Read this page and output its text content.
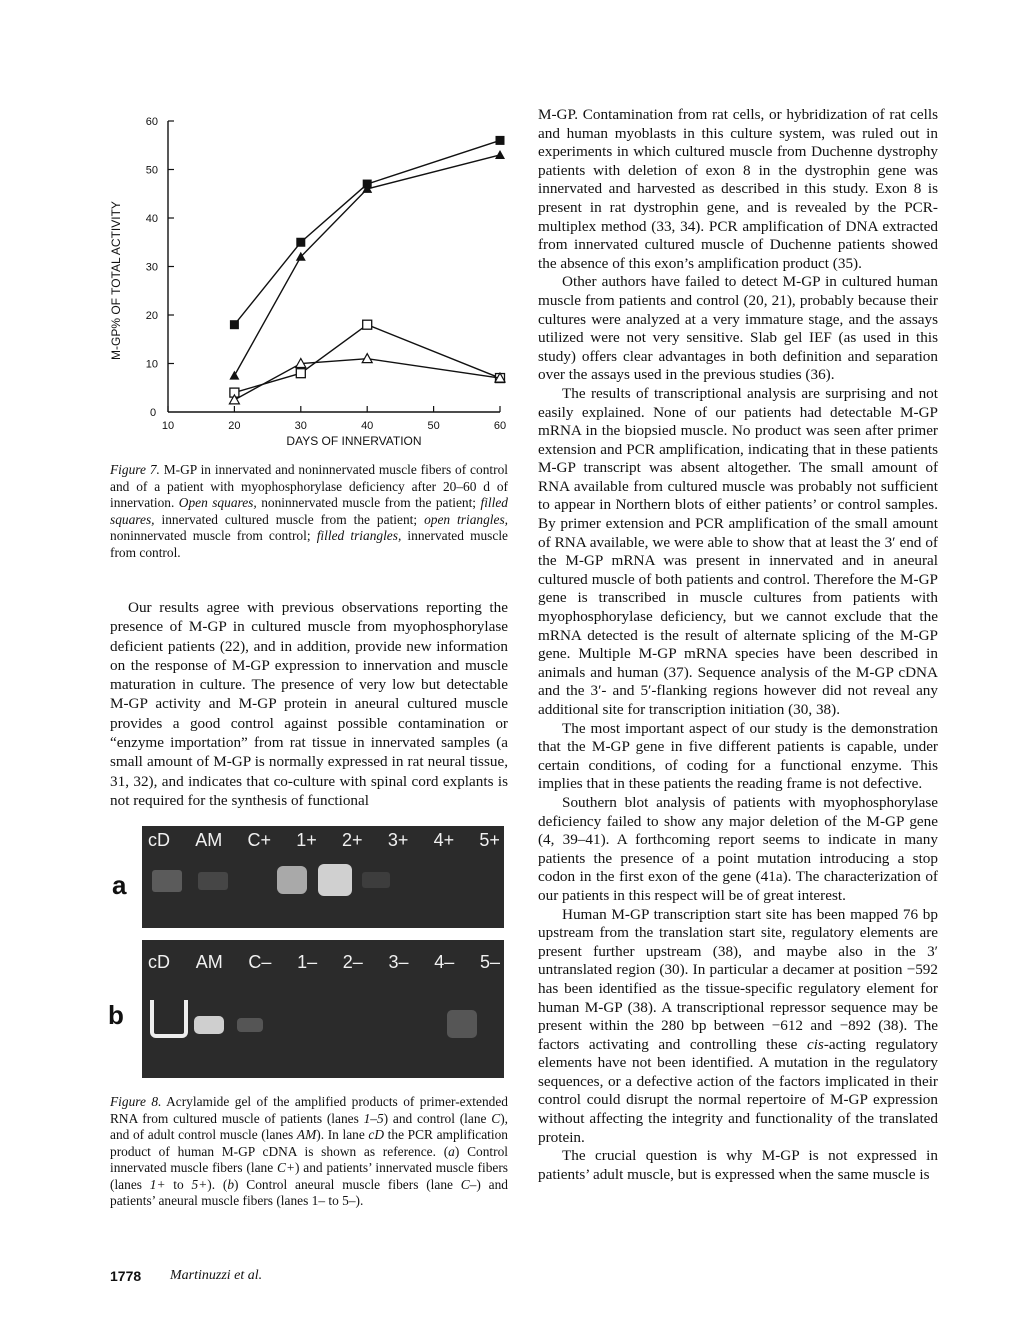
M-GP% OF TOTAL ACTIVITY
0
10
20
30
40
50
60
10	20	30	40	50	60
DAYS OF INNERVATION
Figure 7. M-GP in innervated and noninnervated muscle fibers of control and of a patient with myophosphorylase deficiency after 20–60 d of innervation. Open squares, noninnervated muscle from the patient; filled squares, innervated cultured muscle from the patient; open triangles, noninnervated muscle from control; filled triangles, innervated muscle from control.

Our results agree with previous observations reporting the presence of M-GP in cultured muscle from myophosphorylase deficient patients (22), and in addition, provide new information on the response of M-GP expression to innervation and muscle maturation in culture. The presence of very low but detectable M-GP activity and M-GP protein in aneural cultured muscle provides a good control against possible contamination or “enzyme importation” from rat tissue in innervated samples (a small amount of M-GP is normally expressed in rat neural tissue, 31, 32), and indicates that co-culture with spinal cord explants is not required for the synthesis of functional

cD AM C+ 1+ 2+ 3+ 4+ 5+
a
cD AM C– 1– 2– 3– 4– 5–
b
Figure 8. Acrylamide gel of the amplified products of primer-extended RNA from cultured muscle of patients (lanes 1–5) and control (lane C), and of adult control muscle (lanes AM). In lane cD the PCR amplification product of human M-GP cDNA is shown as reference. (a) Control innervated muscle fibers (lane C+) and patients’ innervated muscle fibers (lanes 1+ to 5+). (b) Control aneural muscle fibers (lane C–) and patients’ aneural muscle fibers (lanes 1– to 5–).

M-GP. Contamination from rat cells, or hybridization of rat cells and human myoblasts in this culture system, was ruled out in experiments in which cultured muscle from Duchenne dystrophy patients with deletion of exon 8 in the dystrophin gene was innervated and harvested as described in this study. Exon 8 is present in rat dystrophin gene, and is revealed by the PCR-multiplex method (33, 34). PCR amplification of DNA extracted from innervated cultured muscle of Duchenne patients showed the absence of this exon’s amplification product (35).

Other authors have failed to detect M-GP in cultured human muscle from patients and control (20, 21), probably because their cultures were analyzed at a very immature stage, and the assays utilized were not very sensitive. Slab gel IEF (as used in this study) offers clear advantages in both definition and separation over the assays used in the previous studies (36).

The results of transcriptional analysis are surprising and not easily explained. None of our patients had detectable M-GP mRNA in the biopsied muscle. No product was seen after primer extension and PCR amplification, indicating that in these patients M-GP transcript was absent altogether. The small amount of RNA available from cultured muscle was probably not sufficient to appear in Northern blots of either patients’ or control samples. By primer extension and PCR amplification of the small amount of RNA available, we were able to show that at least the 3′ end of the M-GP mRNA was present in innervated and in aneural cultured muscle of both patients and control. Therefore the M-GP gene is transcribed in muscle cultures from patients with myophosphorylase deficiency, but we cannot exclude that the mRNA detected is the result of alternate splicing of the M-GP gene. Multiple M-GP mRNA species have been described in animals and human (37). Sequence analysis of the M-GP cDNA and the 3′- and 5′-flanking regions however did not reveal any additional site for transcription initiation (30, 38).

The most important aspect of our study is the demonstration that the M-GP gene in five different patients is capable, under certain conditions, of coding for a functional enzyme. This implies that in these patients the reading frame is not defective.

Southern blot analysis of patients with myophosphorylase deficiency failed to show any major deletion of the M-GP gene (4, 39–41). A forthcoming report seems to indicate in many patients the presence of a point mutation introducing a stop codon in the first exon of the gene (41a). The characterization of our patients in this respect will be of great interest.

Human M-GP transcription start site has been mapped 76 bp upstream from the translation start site, regulatory elements are present further upstream (38), and maybe also in the 3′ untranslated region (30). In particular a decamer at position −592 has been identified as the tissue-specific regulatory element for human M-GP (38). A transcriptional repressor sequence may be present within the 280 bp between −612 and −892 (38). The factors activating and controlling these cis-acting regulatory elements have not been identified. A mutation in the regulatory sequences, or a defective action of the factors implicated in their control could disrupt the normal repertoire of M-GP expression without affecting the integrity and functionality of the translated protein.

The crucial question is why M-GP is not expressed in patients’ adult muscle, but is expressed when the same muscle is

1778 Martinuzzi et al.
